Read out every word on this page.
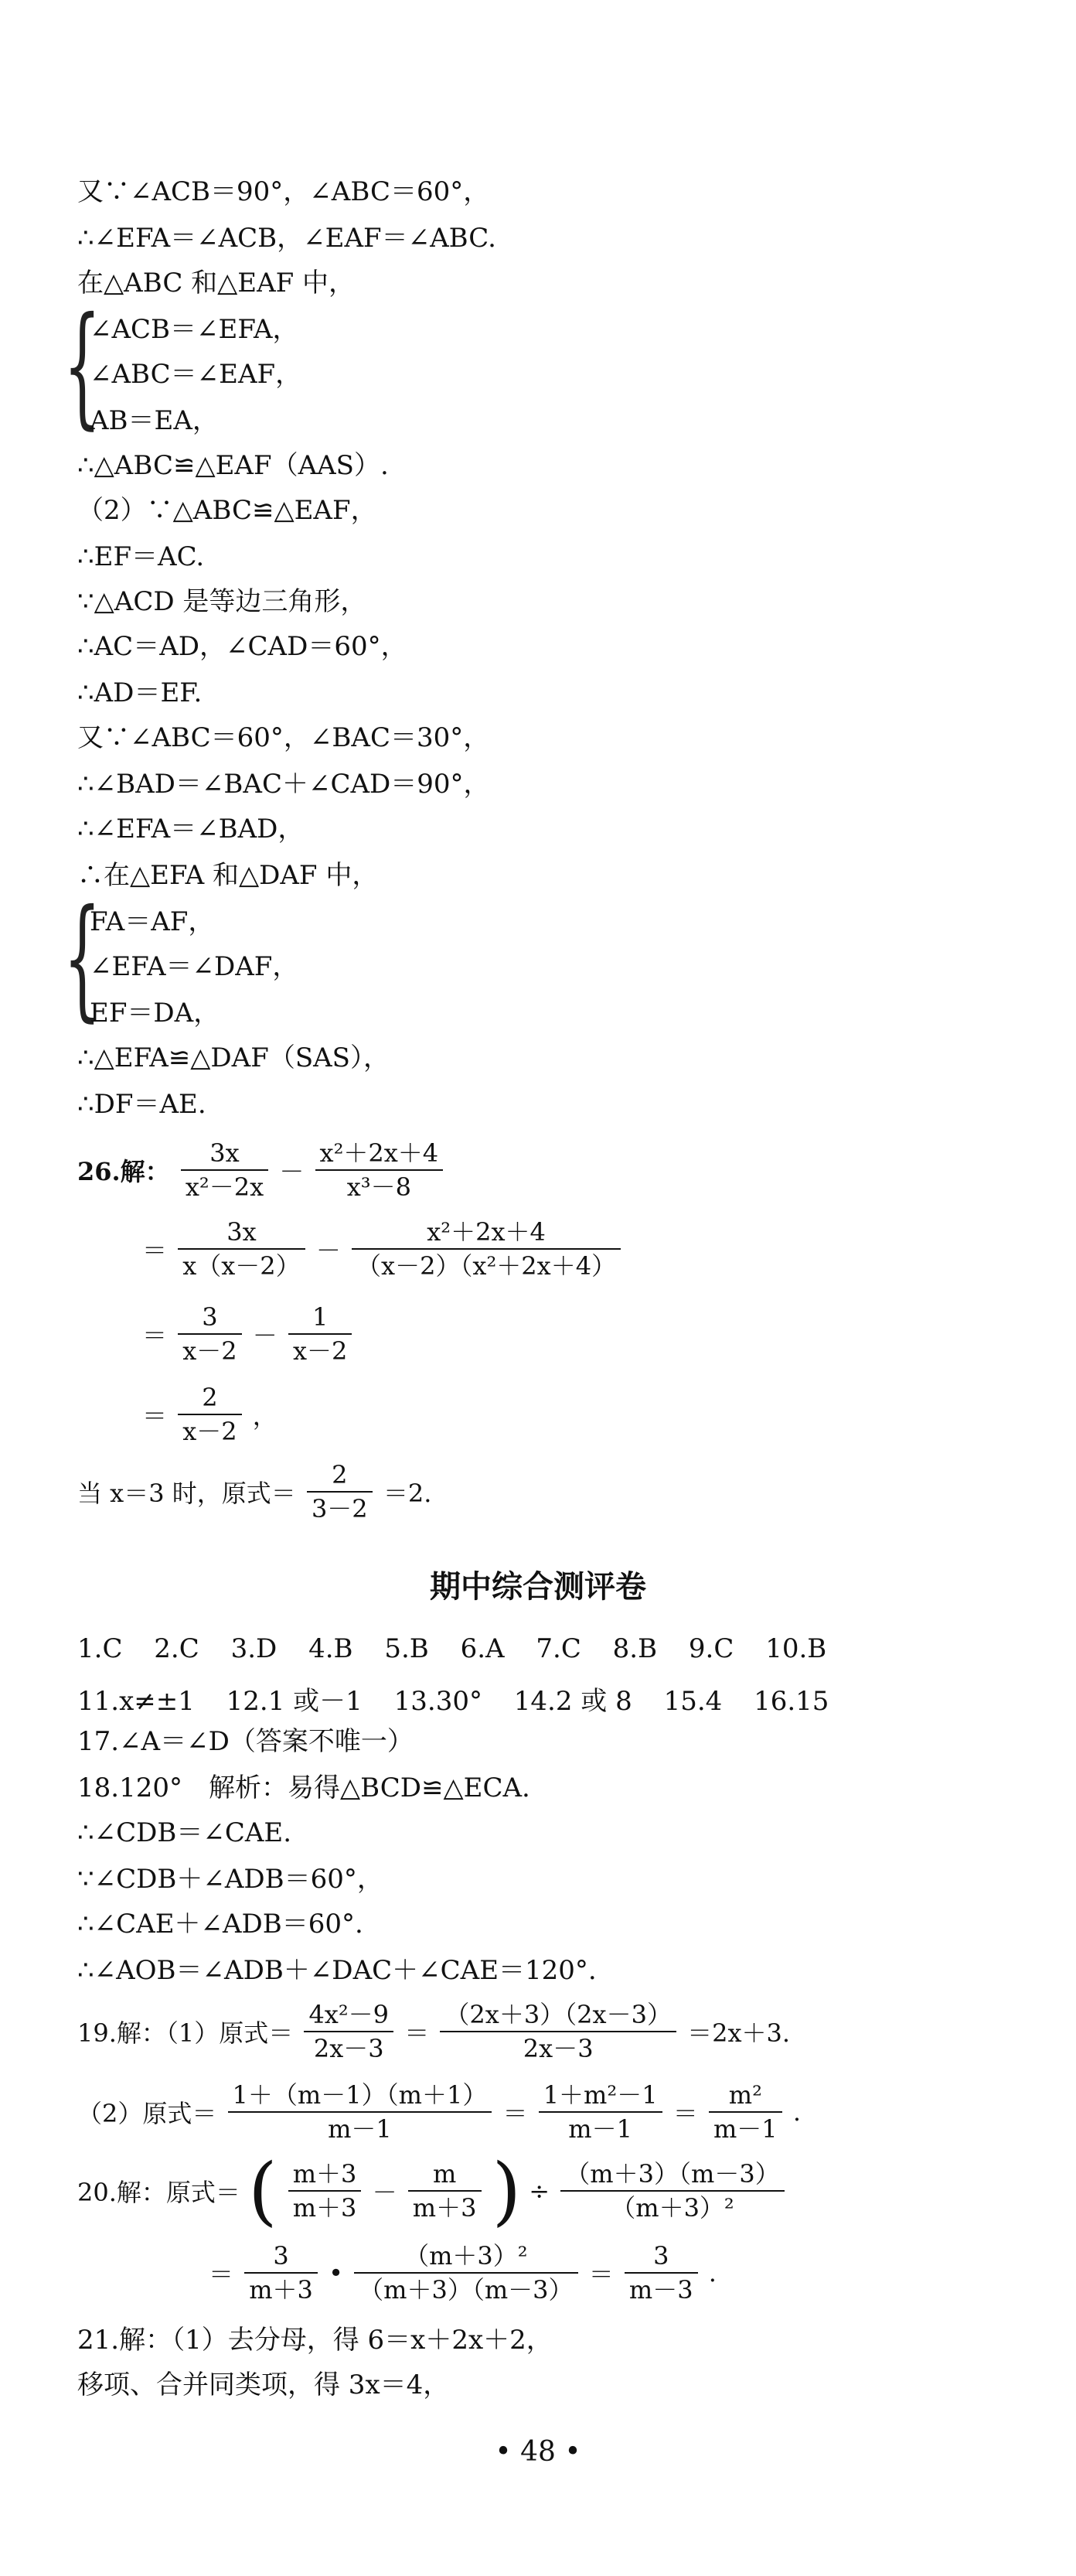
又∵∠ACB＝90°，∠ABC＝60°，
∴∠EFA＝∠ACB，∠EAF＝∠ABC.
在△ABC 和△EAF 中，
{
∠ACB＝∠EFA，
∠ABC＝∠EAF，
AB＝EA，
∴△ABC≌△EAF（AAS）.
（2）∵△ABC≌△EAF，
∴EF＝AC.
∵△ACD 是等边三角形，
∴AC＝AD，∠CAD＝60°，
∴AD＝EF.
又∵∠ABC＝60°，∠BAC＝30°，
∴∠BAD＝∠BAC＋∠CAD＝90°，
∴∠EFA＝∠BAD，
∴在△EFA 和△DAF 中，
{
FA＝AF，
∠EFA＝∠DAF，
EF＝DA，
∴△EFA≌△DAF（SAS），
∴DF＝AE.
26.解： $\frac{3x}{\text{x²－2x}} - \frac{\text{x²＋2x＋4}}{\text{x³－8}}$
＝ $\frac{3x}{x(x-2)} - \frac{\text{x²＋2x＋4}}{\text{（x－2）（x²＋2x＋4）}}$
＝ $\frac{3}{x-2} - \frac{1}{x-2}$
＝ $\frac{2}{x-2}$ ，
当 x＝3 时，原式＝ $\frac{2}{3-2} =2$.
期中综合测评卷
1.C 2.C 3.D 4.B 5.B 6.A 7.C 8.B 9.C 10.B
11.x≠±1 12.1 或－1 13.30° 14.2 或 8 15.4 16.15
17.∠A＝∠D（答案不唯一）
18.120°　解析：易得△BCD≌△ECA.
∴∠CDB＝∠CAE.
∵∠CDB＋∠ADB＝60°，
∴∠CAE＋∠ADB＝60°.
∴∠AOB＝∠ADB＋∠DAC＋∠CAE＝120°.
19.解：（1）原式＝ $\frac{\text{4x²－9}}{2x-3} = \frac{(2x+3)(2x-3)}{2x-3} =2x+3$.
（2）原式＝ $\frac{1+(m-1)(m+1)}{m-1} = \frac{\text{1＋m²－1}}{m-1} = \frac{\text{m²}}{m-1}$ .
20.解：原式＝ ( $\frac{m+3}{m+3} - \frac{m}{m+3}$ ) ÷ $\frac{(m+3)(m-3)}{\text{（m＋3）²}}$
＝ $\frac{3}{m+3}$ • $\frac{\text{（m＋3）²}}{(m+3)(m-3)} = \frac{3}{m-3}$ .
21.解：（1）去分母，得 6＝x＋2x＋2，
移项、合并同类项，得 3x＝4，
• 48 •
